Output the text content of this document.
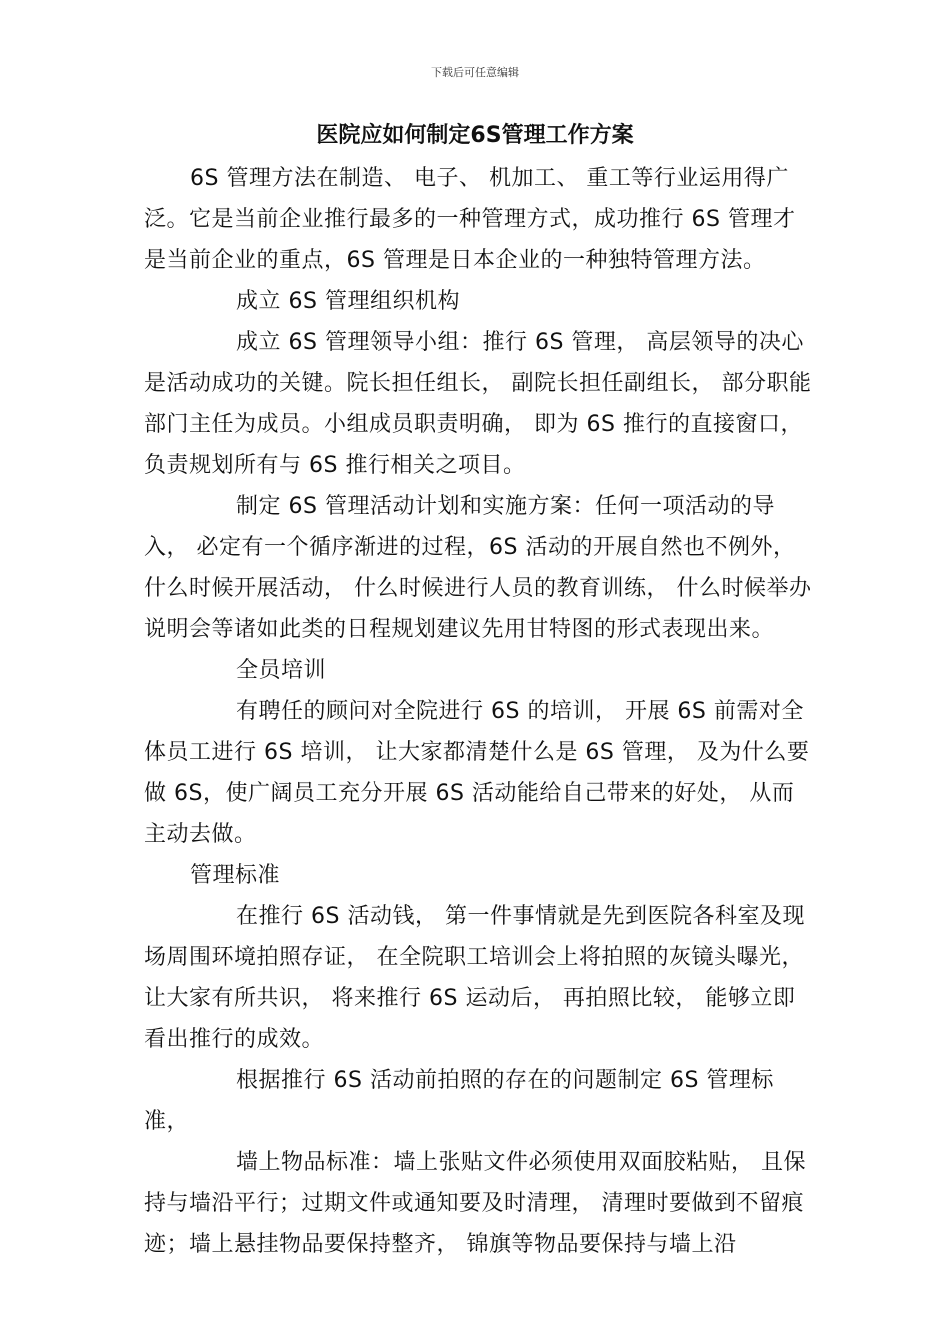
下载后可任意编辑
医院应如何制定6S管理工作方案

6S 管理方法在制造、 电子、 机加工、 重工等行业运用得广泛。它是当前企业推行最多的一种管理方式，成功推行 6S 管理才是当前企业的重点，6S 管理是日本企业的一种独特管理方法。

成立 6S 管理组织机构

成立 6S 管理领导小组：推行 6S 管理， 高层领导的决心是活动成功的关键。院长担任组长， 副院长担任副组长， 部分职能部门主任为成员。小组成员职责明确， 即为 6S 推行的直接窗口， 负责规划所有与 6S 推行相关之项目。

制定 6S 管理活动计划和实施方案：任何一项活动的导入， 必定有一个循序渐进的过程，6S 活动的开展自然也不例外， 什么时候开展活动， 什么时候进行人员的教育训练， 什么时候举办说明会等诸如此类的日程规划建议先用甘特图的形式表现出来。

全员培训

有聘任的顾问对全院进行 6S 的培训， 开展 6S 前需对全体员工进行 6S 培训， 让大家都清楚什么是 6S 管理， 及为什么要做 6S，使广阔员工充分开展 6S 活动能给自己带来的好处， 从而主动去做。

管理标准

在推行 6S 活动钱， 第一件事情就是先到医院各科室及现场周围环境拍照存证， 在全院职工培训会上将拍照的灰镜头曝光，让大家有所共识， 将来推行 6S 运动后， 再拍照比较， 能够立即看出推行的成效。

根据推行 6S 活动前拍照的存在的问题制定 6S 管理标准，

墙上物品标准：墙上张贴文件必须使用双面胶粘贴， 且保持与墙沿平行；过期文件或通知要及时清理， 清理时要做到不留痕迹；墙上悬挂物品要保持整齐， 锦旗等物品要保持与墙上沿
